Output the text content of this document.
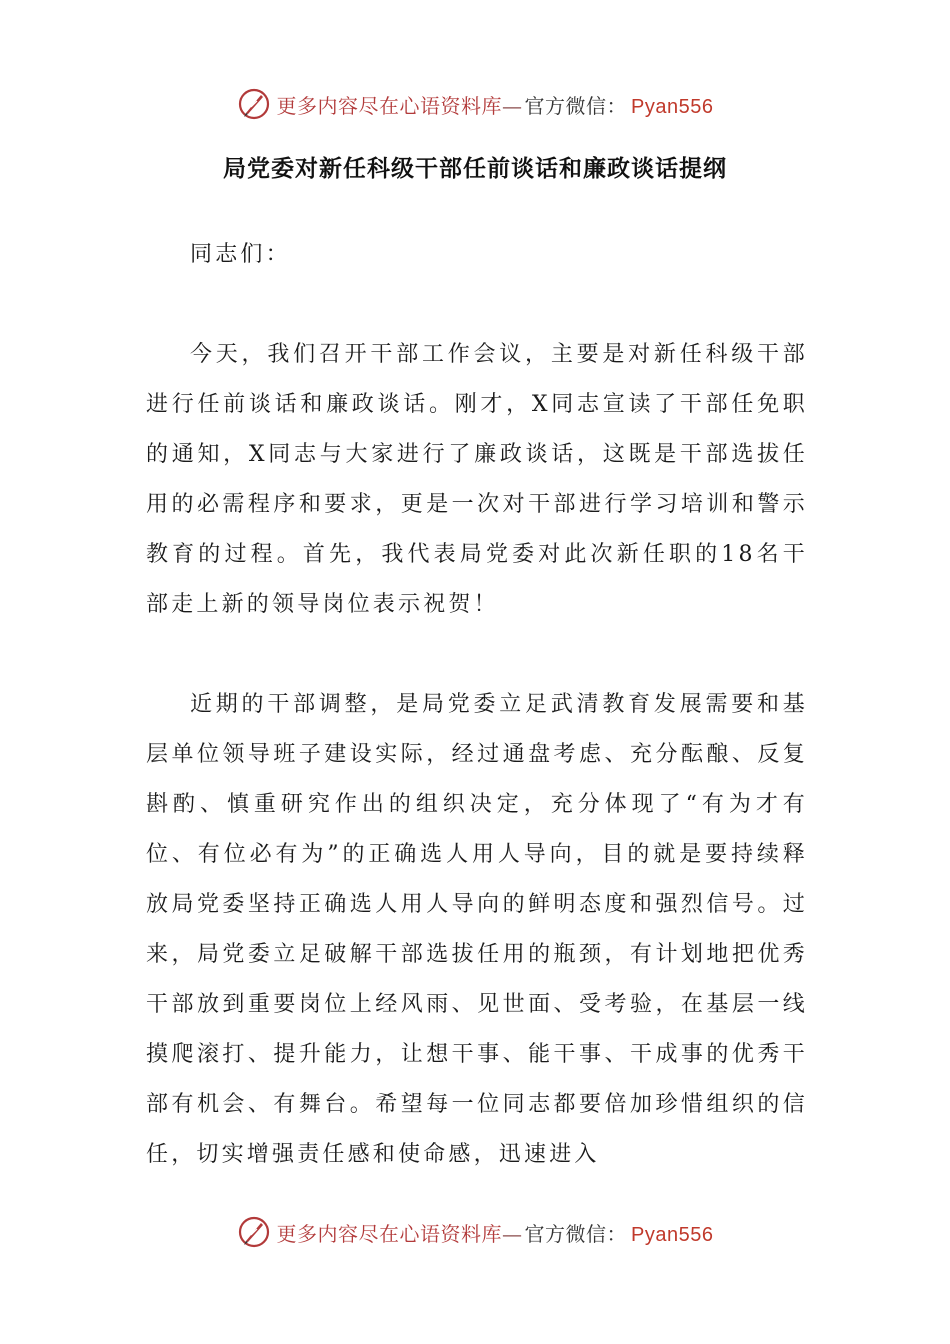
更多内容尽在心语资料库— 官方微信： Pyan556
局党委对新任科级干部任前谈话和廉政谈话提纲

同志们：

今天，我们召开干部工作会议，主要是对新任科级干部进行任前谈话和廉政谈话。刚才，X同志宣读了干部任免职的通知，X同志与大家进行了廉政谈话，这既是干部选拔任用的必需程序和要求，更是一次对干部进行学习培训和警示教育的过程。首先，我代表局党委对此次新任职的18名干部走上新的领导岗位表示祝贺！

近期的干部调整，是局党委立足武清教育发展需要和基层单位领导班子建设实际，经过通盘考虑、充分酝酿、反复斟酌、慎重研究作出的组织决定，充分体现了“有为才有位、有位必有为”的正确选人用人导向，目的就是要持续释放局党委坚持正确选人用人导向的鲜明态度和强烈信号。过来，局党委立足破解干部选拔任用的瓶颈，有计划地把优秀干部放到重要岗位上经风雨、见世面、受考验，在基层一线摸爬滚打、提升能力，让想干事、能干事、干成事的优秀干部有机会、有舞台。希望每一位同志都要倍加珍惜组织的信任，切实增强责任感和使命感，迅速进入

更多内容尽在心语资料库— 官方微信： Pyan556
